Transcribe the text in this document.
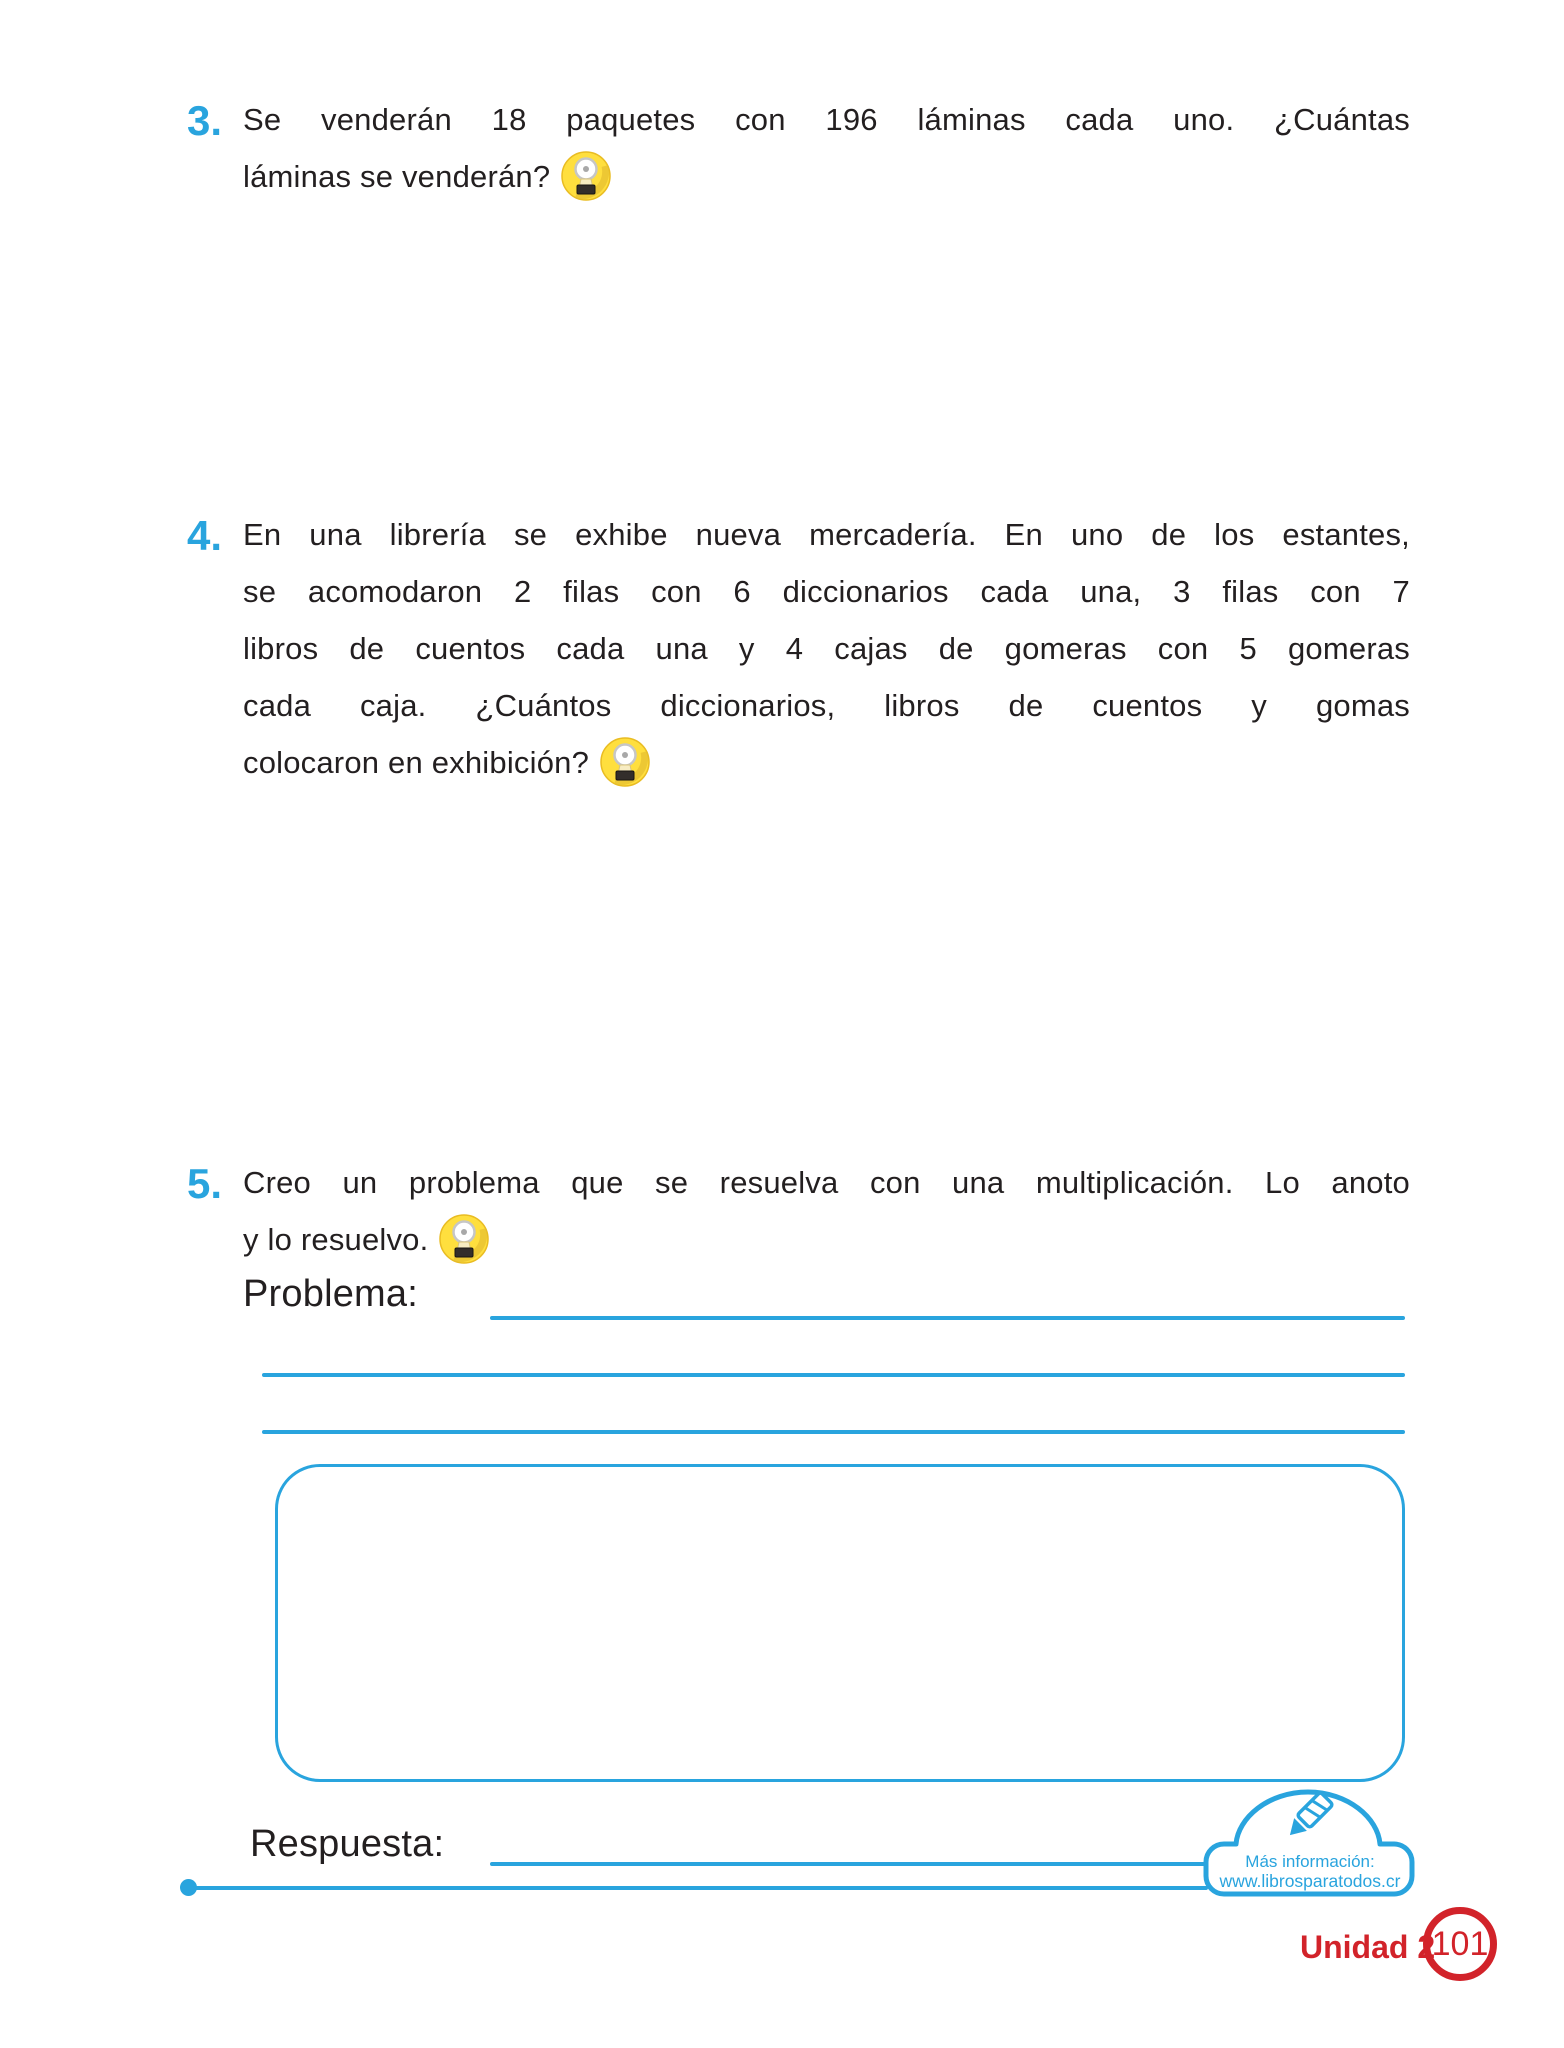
3. Se venderán 18 paquetes con 196 láminas cada uno. ¿Cuántas
láminas se venderán?
4. En una librería se exhibe nueva mercadería. En uno de los estantes,
se acomodaron 2 filas con 6 diccionarios cada una, 3 filas con 7
libros de cuentos cada una y 4 cajas de gomeras con 5 gomeras
cada caja. ¿Cuántos diccionarios, libros de cuentos y gomas
colocaron en exhibición?
5. Creo un problema que se resuelva con una multiplicación. Lo anoto
y lo resuelvo.
Problema:
Respuesta:	Más información:
www.librosparatodos.cr
Unidad 2
101
